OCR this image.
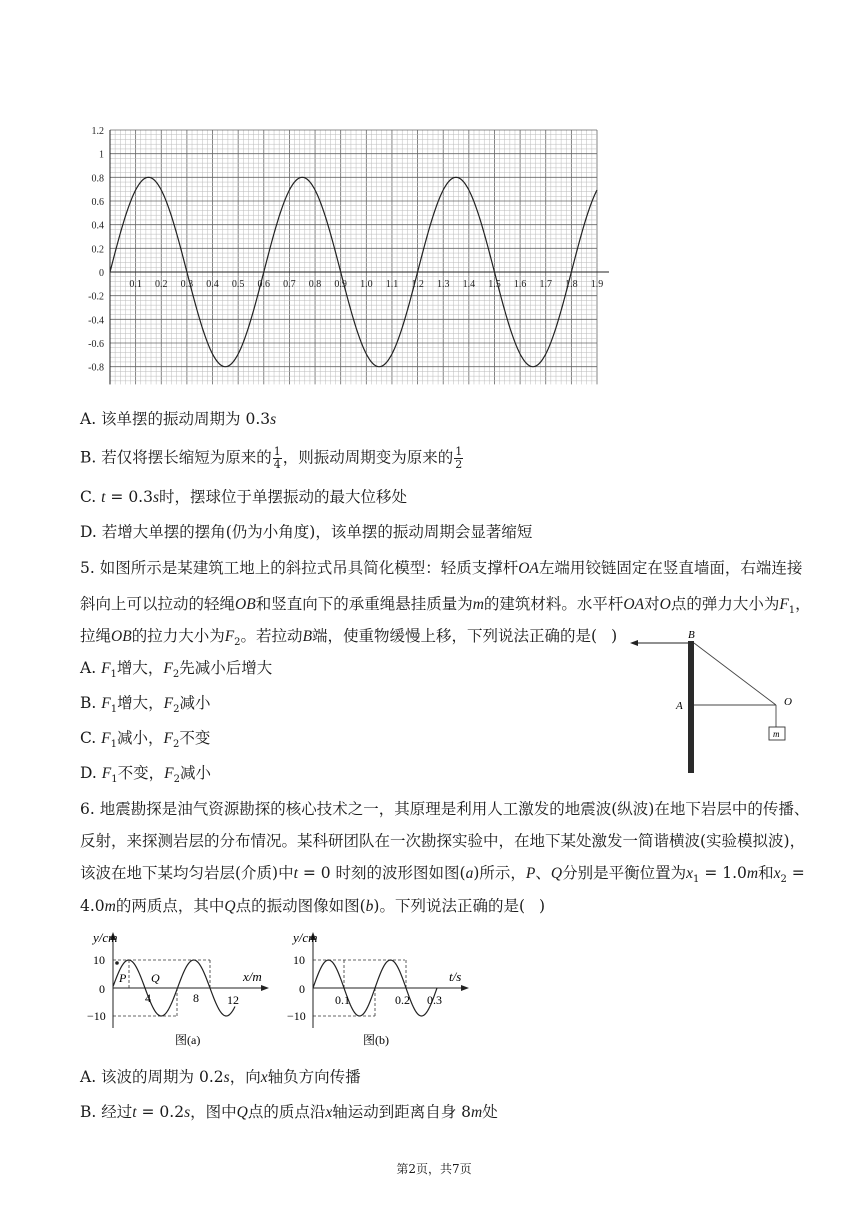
1.2
1
0.8
0.6
0.4
0.2
0
-0.2
-0.4
-0.6
-0.8
0.1 0.2 0.3 0.4 0.5 0.6 0.7 0.8 0.9 1.0 1.1 1.2 1.3 1.4 1.5 1.6 1.7 1.8 1.9
A. 该单摆的振动周期为 0.3s
B. 若仅将摆长缩短为原来的 $\frac{1}{4}$ ，则振动周期变为原来的 $\frac{1}{2}$
C. t = 0.3s时，摆球位于单摆振动的最大位移处
D. 若增大单摆的摆角(仍为小角度)，该单摆的振动周期会显著缩短
5. 如图所示是某建筑工地上的斜拉式吊具简化模型：轻质支撑杆OA左端用铰链固定在竖直墙面，右端连接
斜向上可以拉动的轻绳OB和竖直向下的承重绳悬挂质量为m的建筑材料。水平杆OA对O点的弹力大小为$F_1$，
拉绳OB的拉力大小为$F_2$。若拉动B端，使重物缓慢上移，下列说法正确的是( )
A. $F_1$增大，$F_2$先减小后增大
B. $F_1$增大，$F_2$减小
C. $F_1$减小，$F_2$不变
D. $F_1$不变，$F_2$减小
B
A	O
m
6. 地震勘探是油气资源勘探的核心技术之一，其原理是利用人工激发的地震波(纵波)在地下岩层中的传播、
反射，来探测岩层的分布情况。某科研团队在一次勘探实验中，在地下某处激发一简谐横波(实验模拟波)，
该波在地下某均匀岩层(介质)中t = 0 时刻的波形图如图(a)所示，P、Q分别是平衡位置为$x_1 = 1.0m$和$x_2$ =
4.0m的两质点，其中Q点的振动图像如图(b)。下列说法正确的是( )
y/cm
x/m
10
0
−10
4	8 12
P Q
图(a)
y/cm
t/s
10
0
−10
0.1	0.2 0.3
图(b)
A. 该波的周期为 0.2s，向x轴负方向传播
B. 经过t = 0.2s，图中Q点的质点沿x轴运动到距离自身 8m处
第2页，共7页
